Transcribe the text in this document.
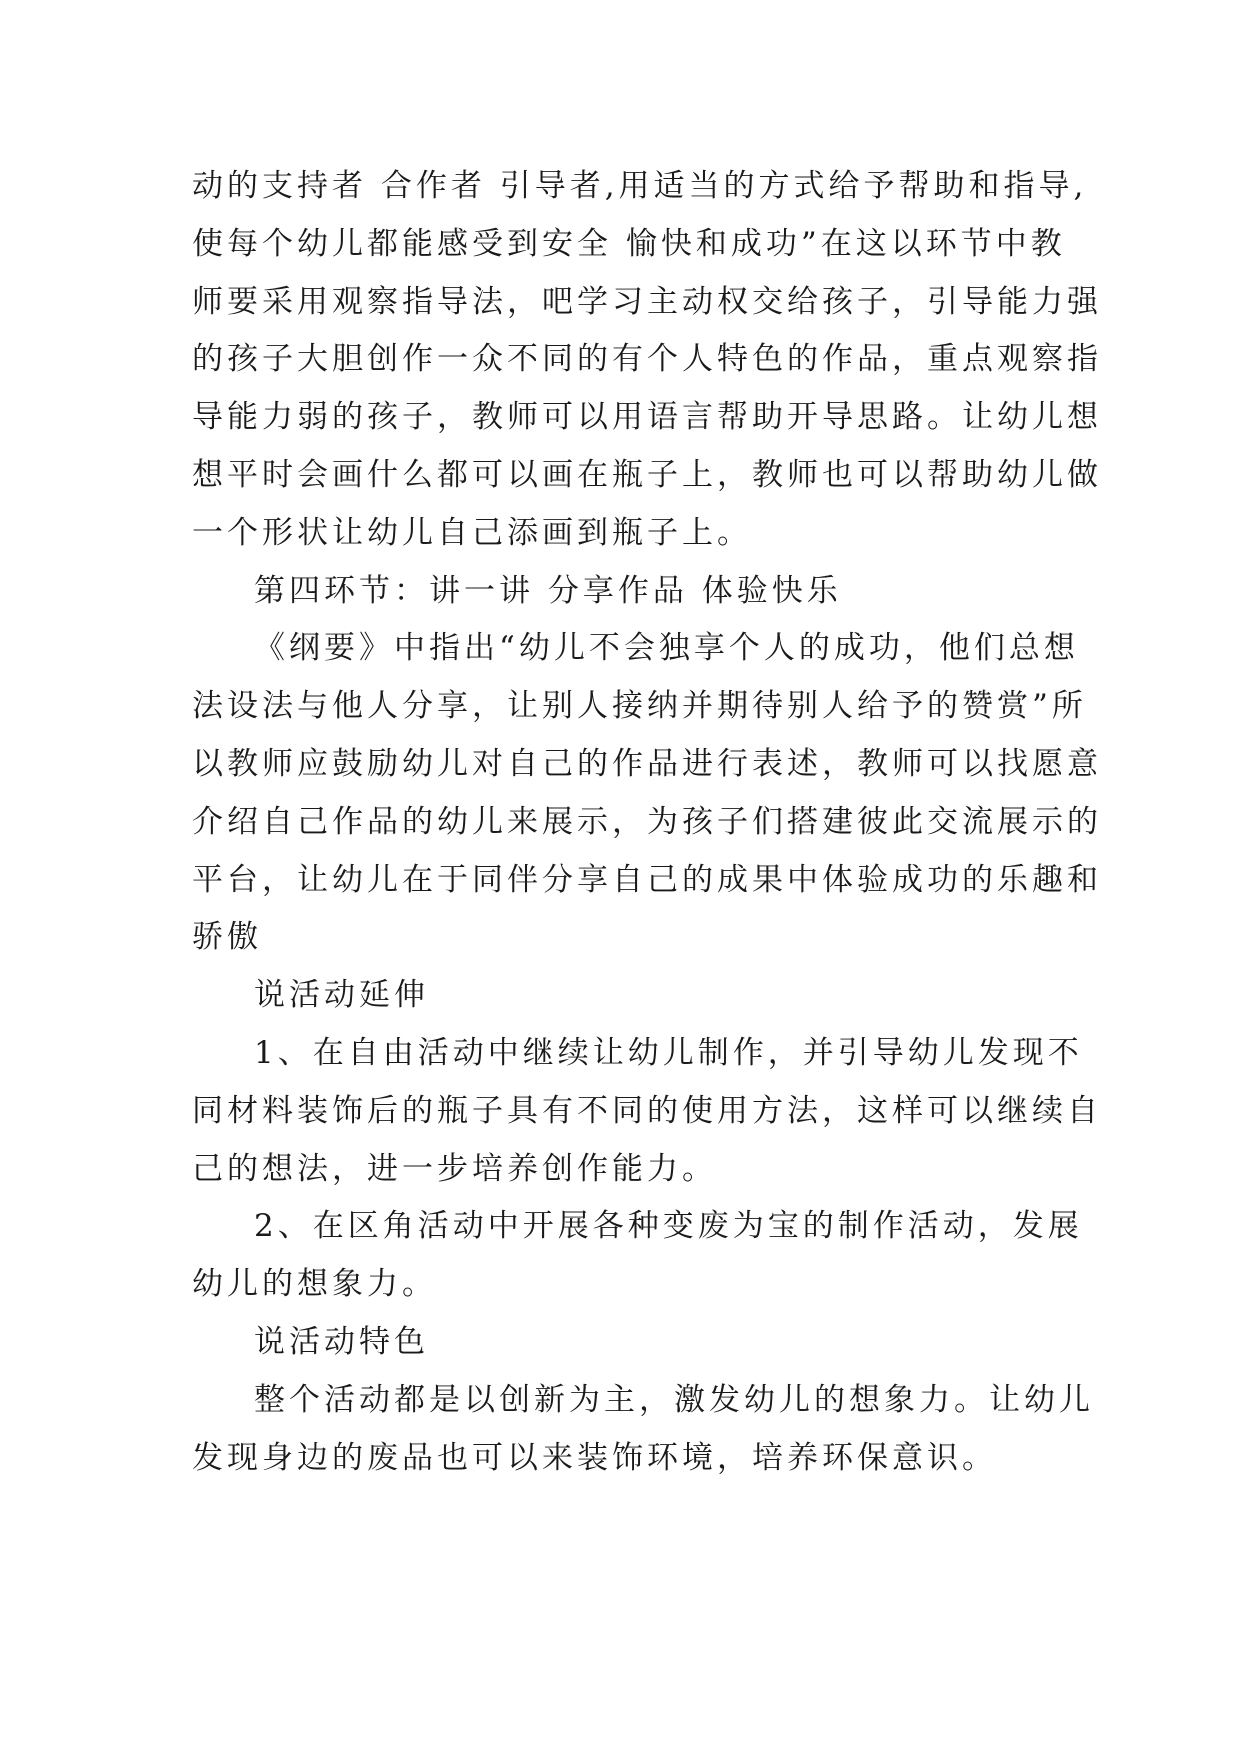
动的支持者 合作者 引导者,用适当的方式给予帮助和指导,
使每个幼儿都能感受到安全 愉快和成功”在这以环节中教
师要采用观察指导法，吧学习主动权交给孩子，引导能力强
的孩子大胆创作一众不同的有个人特色的作品，重点观察指
导能力弱的孩子，教师可以用语言帮助开导思路。让幼儿想
想平时会画什么都可以画在瓶子上，教师也可以帮助幼儿做
一个形状让幼儿自己添画到瓶子上。
第四环节：讲一讲 分享作品 体验快乐
《纲要》中指出“幼儿不会独享个人的成功，他们总想
法设法与他人分享，让别人接纳并期待别人给予的赞赏”所
以教师应鼓励幼儿对自己的作品进行表述，教师可以找愿意
介绍自己作品的幼儿来展示，为孩子们搭建彼此交流展示的
平台，让幼儿在于同伴分享自己的成果中体验成功的乐趣和
骄傲
说活动延伸
1、在自由活动中继续让幼儿制作，并引导幼儿发现不
同材料装饰后的瓶子具有不同的使用方法，这样可以继续自
己的想法，进一步培养创作能力。
2、在区角活动中开展各种变废为宝的制作活动，发展
幼儿的想象力。
说活动特色
整个活动都是以创新为主，激发幼儿的想象力。让幼儿
发现身边的废品也可以来装饰环境，培养环保意识。
